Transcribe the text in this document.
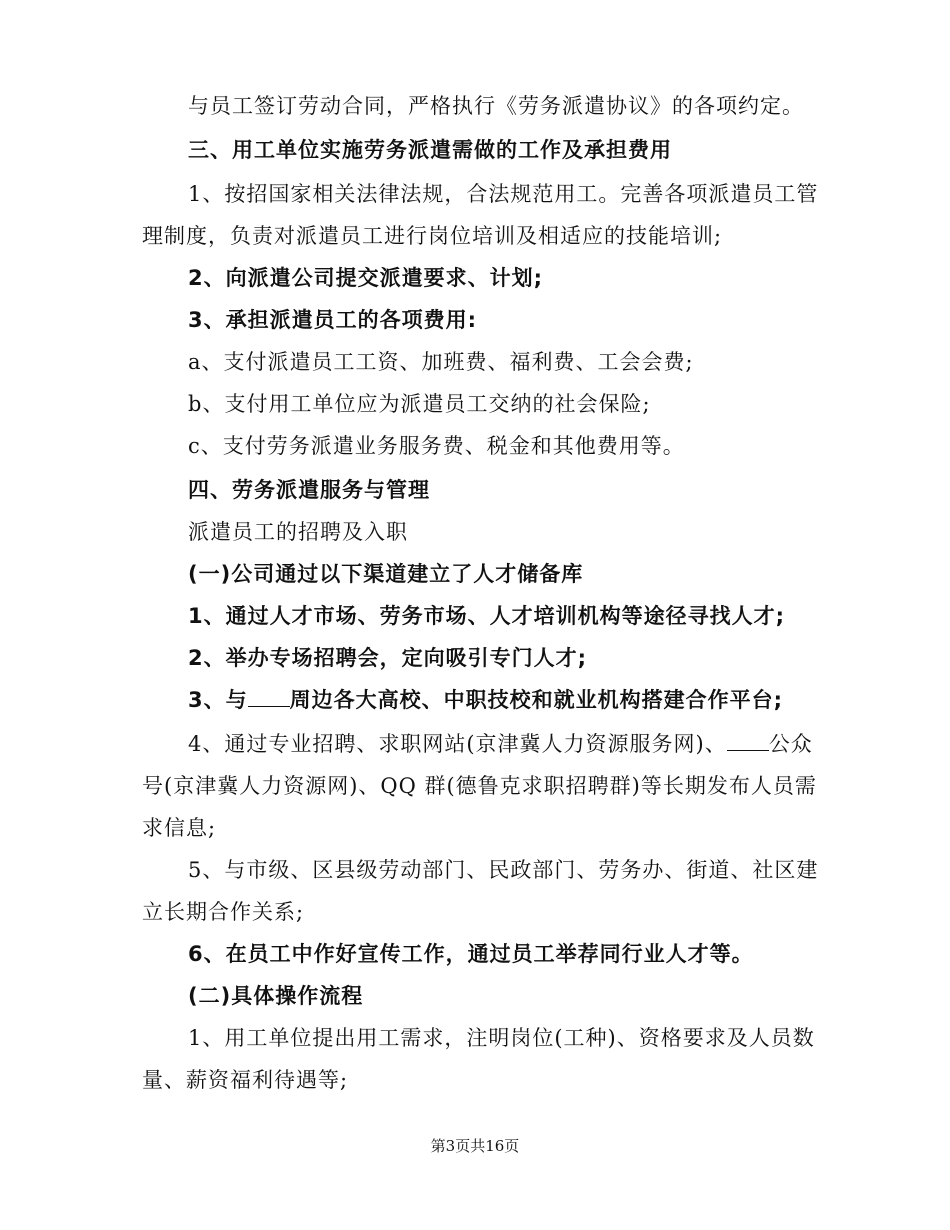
与员工签订劳动合同，严格执行《劳务派遣协议》的各项约定。
三、用工单位实施劳务派遣需做的工作及承担费用
1、按招国家相关法律法规，合法规范用工。完善各项派遣员工管
理制度，负责对派遣员工进行岗位培训及相适应的技能培训;
2、向派遣公司提交派遣要求、计划;
3、承担派遣员工的各项费用:
a、支付派遣员工工资、加班费、福利费、工会会费;
b、支付用工单位应为派遣员工交纳的社会保险;
c、支付劳务派遣业务服务费、税金和其他费用等。
四、劳务派遣服务与管理
派遣员工的招聘及入职
(一)公司通过以下渠道建立了人才储备库
1、通过人才市场、劳务市场、人才培训机构等途径寻找人才;
2、举办专场招聘会，定向吸引专门人才;
3、与 周边各大高校、中职技校和就业机构搭建合作平台;
4、通过专业招聘、求职网站(京津冀人力资源服务网)、 公众
号(京津冀人力资源网)、QQ 群(德鲁克求职招聘群)等长期发布人员需
求信息;
5、与市级、区县级劳动部门、民政部门、劳务办、街道、社区建
立长期合作关系;
6、在员工中作好宣传工作，通过员工举荐同行业人才等。
(二)具体操作流程
1、用工单位提出用工需求，注明岗位(工种)、资格要求及人员数
量、薪资福利待遇等;
第3页共16页
